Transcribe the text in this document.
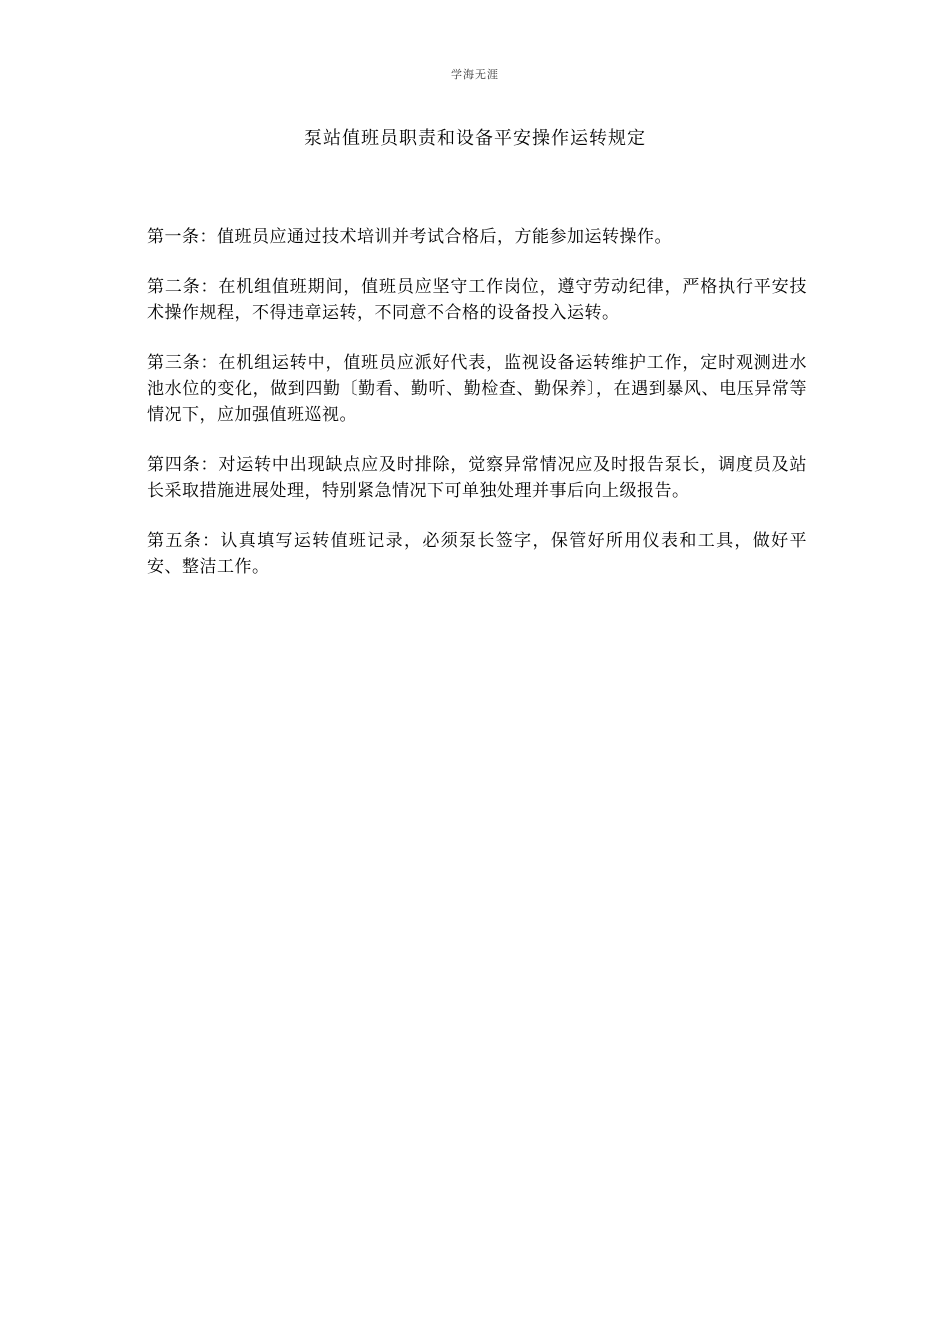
学海无涯
泵站值班员职责和设备平安操作运转规定
第一条：值班员应通过技术培训并考试合格后，方能参加运转操作。
第二条：在机组值班期间，值班员应坚守工作岗位，遵守劳动纪律，严格执行平安技术操作规程，不得违章运转，不同意不合格的设备投入运转。
第三条：在机组运转中，值班员应派好代表，监视设备运转维护工作，定时观测进水池水位的变化，做到四勤〔勤看、勤听、勤检查、勤保养〕，在遇到暴风、电压异常等情况下，应加强值班巡视。
第四条：对运转中出现缺点应及时排除，觉察异常情况应及时报告泵长，调度员及站长采取措施进展处理，特别紧急情况下可单独处理并事后向上级报告。
第五条：认真填写运转值班记录，必须泵长签字，保管好所用仪表和工具，做好平安、整洁工作。
